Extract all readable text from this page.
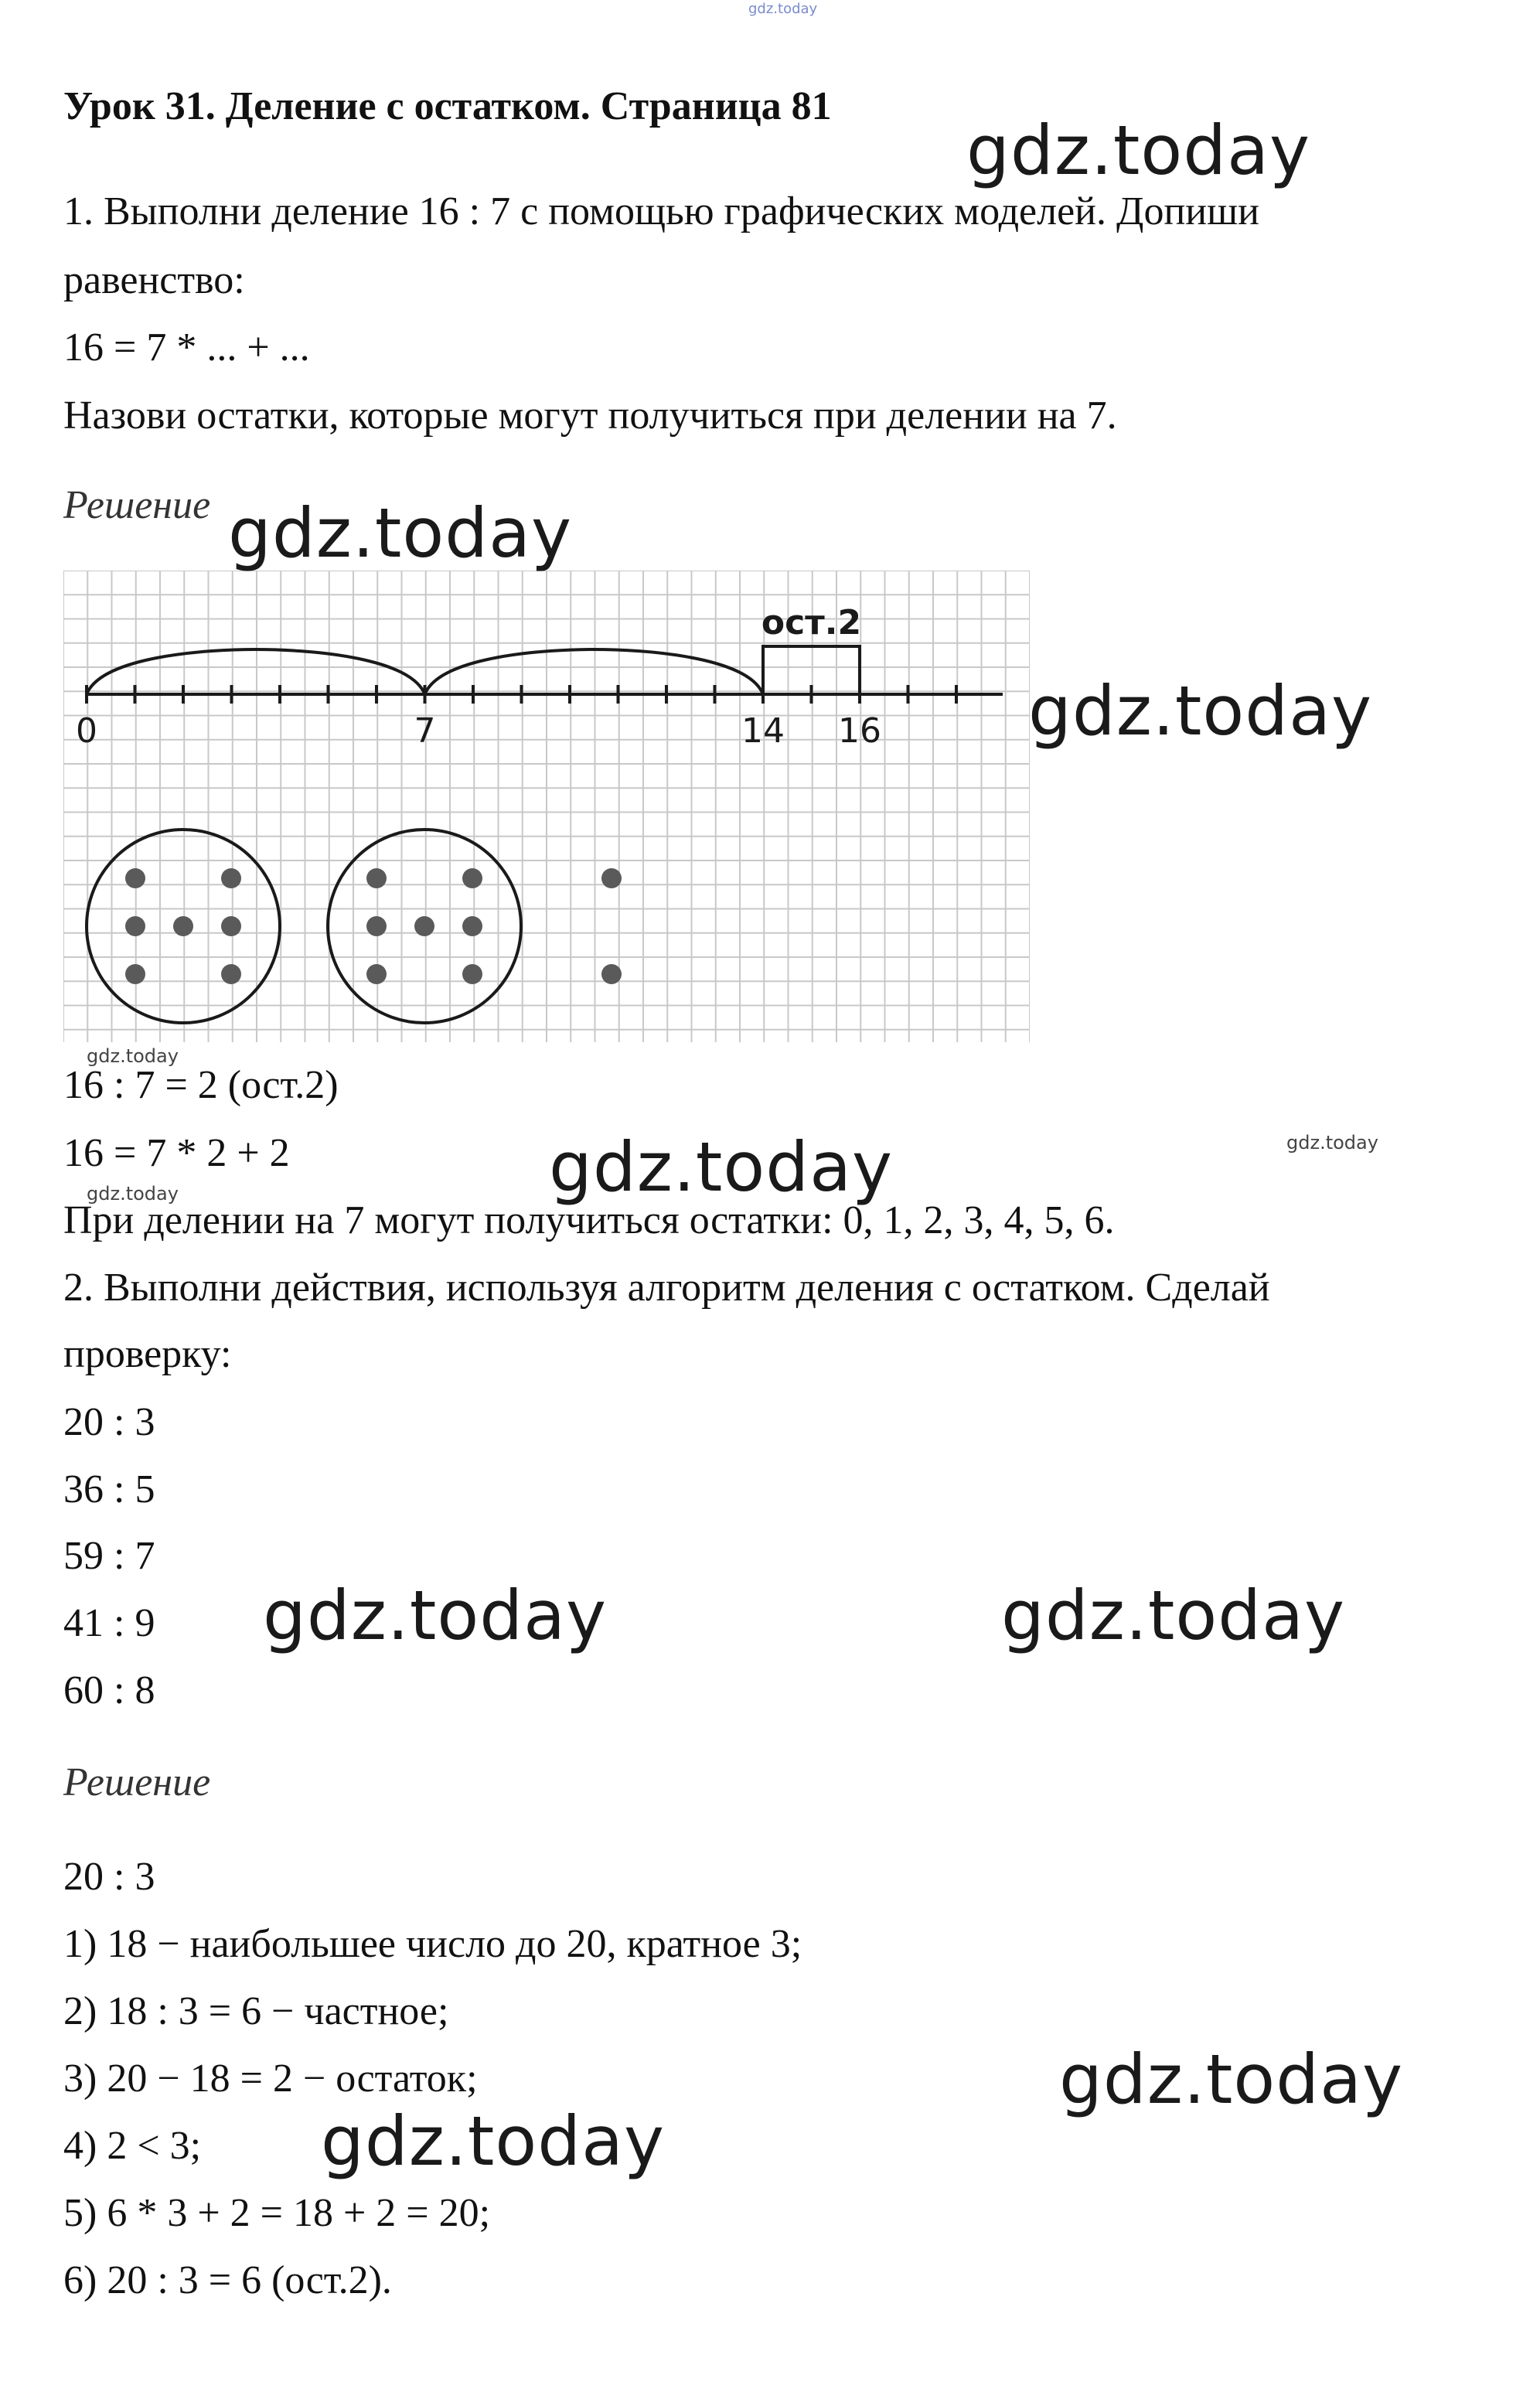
gdz.today

Урок 31. Деление с остатком. Страница 81

1. Выполни деление 16 : 7 с помощью графических моделей. Допиши

равенство:

16 = 7 * ... + ...

Назови остатки, которые могут получиться при делении на 7.

Решение

ост.2
0	7	14 16

gdz.today

16 : 7 = 2 (ост.2)

16 = 7 * 2 + 2

gdz.today

gdz.today

При делении на 7 могут получиться остатки: 0, 1, 2, 3, 4, 5, 6.

2. Выполни действия, используя алгоритм деления с остатком. Сделай

проверку:

20 : 3

36 : 5

59 : 7

41 : 9

60 : 8

Решение

20 : 3

1) 18 − наибольшее число до 20, кратное 3;

2) 18 : 3 = 6 − частное;

3) 20 − 18 = 2 − остаток;

4) 2 < 3;

5) 6 * 3 + 2 = 18 + 2 = 20;

6) 20 : 3 = 6 (ост.2).

gdz.today

gdz.today

gdz.today

gdz.today

gdz.today	gdz.today

gdz.today

gdz.today
